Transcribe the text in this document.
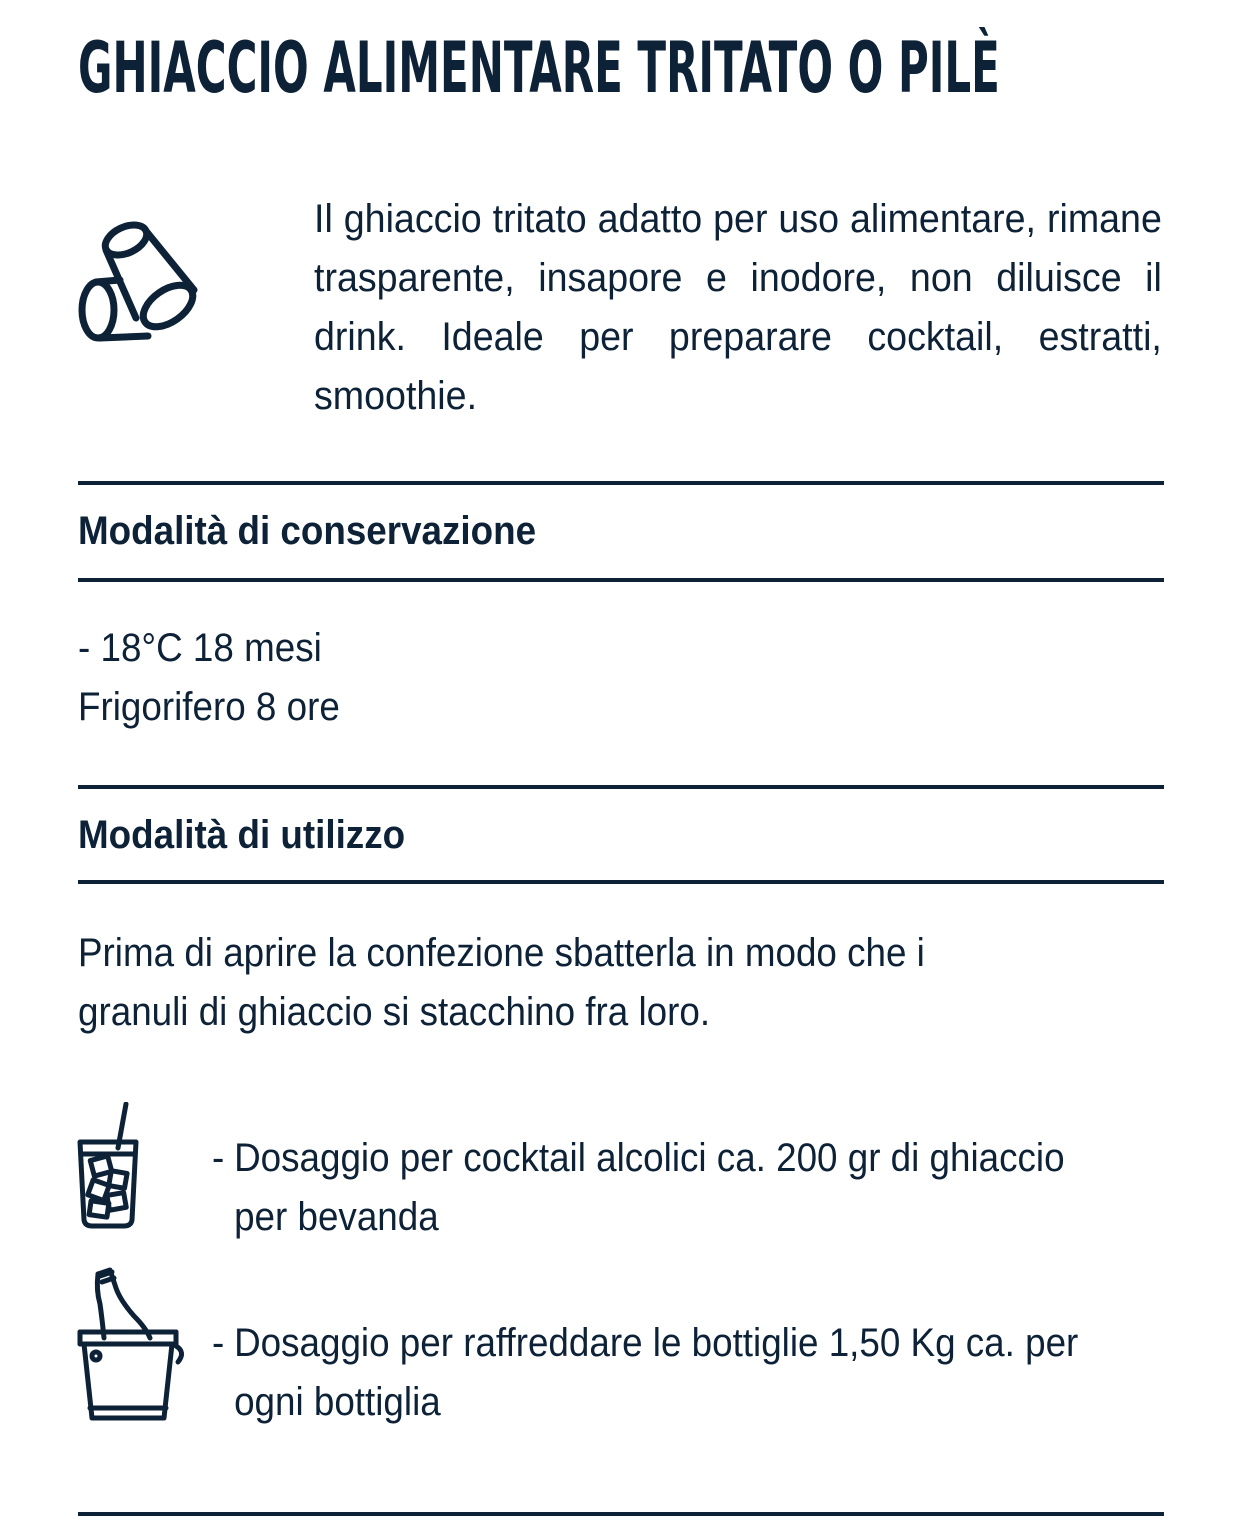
GHIACCIO ALIMENTARE TRITATO O PILÈ

Il ghiaccio tritato adatto per uso alimentare, rimane trasparente, insapore e inodore, non diluisce il drink. Ideale per preparare cocktail, estratti, smoothie.

Modalità di conservazione

- 18°C 18 mesi

Frigorifero 8 ore

Modalità di utilizzo

Prima di aprire la confezione sbatterla in modo che i

granuli di ghiaccio si stacchino fra loro.

- Dosaggio per cocktail alcolici ca. 200 gr di ghiaccio
per bevanda

- Dosaggio per raffreddare le bottiglie 1,50 Kg ca. per
ogni bottiglia
